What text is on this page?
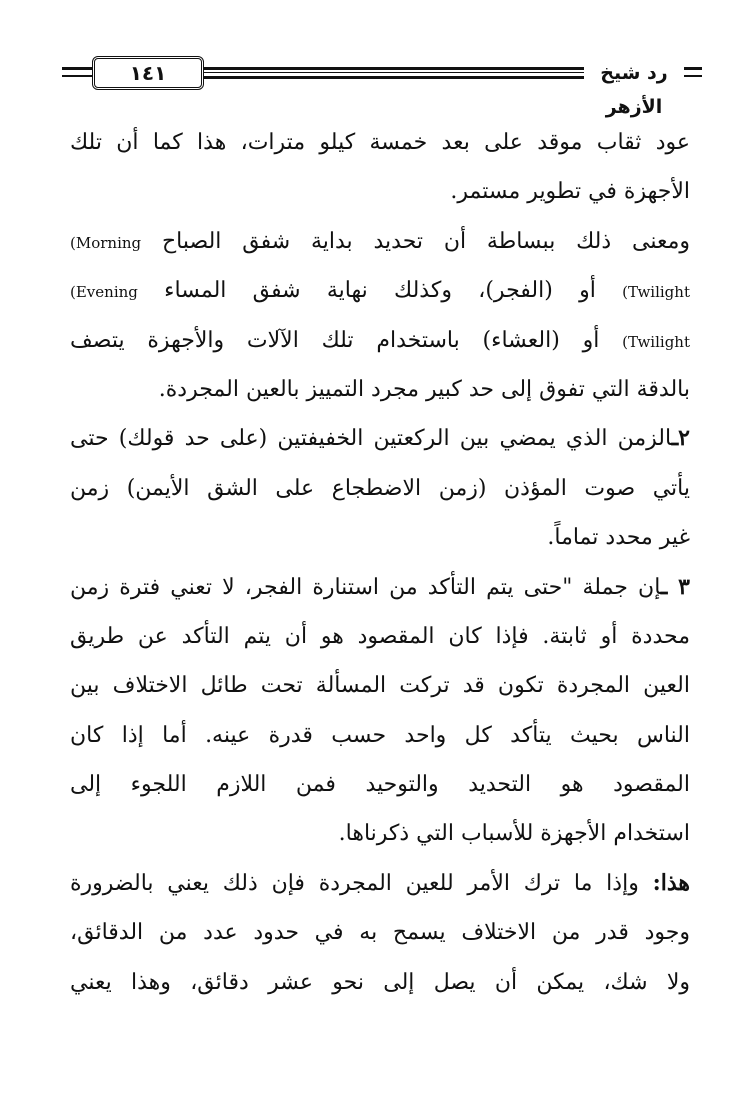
١٤١	رد شيخ الأزهر
عود ثقاب موقد على بعد خمسة كيلو مترات، هذا كما أن تلك
الأجهزة في تطوير مستمر.
ومعنى ذلك ببساطة أن تحديد بداية شفق الصباح (Morning
(Twilight أو (الفجر)، وكذلك نهاية شفق المساء (Evening
(Twilight أو (العشاء) باستخدام تلك الآلات والأجهزة يتصف
بالدقة التي تفوق إلى حد كبير مجرد التمييز بالعين المجردة.
٢ـالزمن الذي يمضي بين الركعتين الخفيفتين (على حد قولك) حتى
يأتي صوت المؤذن (زمن الاضطجاع على الشق الأيمن) زمن
غير محدد تماماً.
٣ ـإن جملة "حتى يتم التأكد من استنارة الفجر، لا تعني فترة زمن
محددة أو ثابتة. فإذا كان المقصود هو أن يتم التأكد عن طريق
العين المجردة تكون قد تركت المسألة تحت طائل الاختلاف بين
الناس بحيث يتأكد كل واحد حسب قدرة عينه. أما إذا كان
المقصود هو التحديد والتوحيد فمن اللازم اللجوء إلى
استخدام الأجهزة للأسباب التي ذكرناها.
هذا: وإذا ما ترك الأمر للعين المجردة فإن ذلك يعني بالضرورة
وجود قدر من الاختلاف يسمح به في حدود عدد من الدقائق،
ولا شك، يمكن أن يصل إلى نحو عشر دقائق، وهذا يعني
